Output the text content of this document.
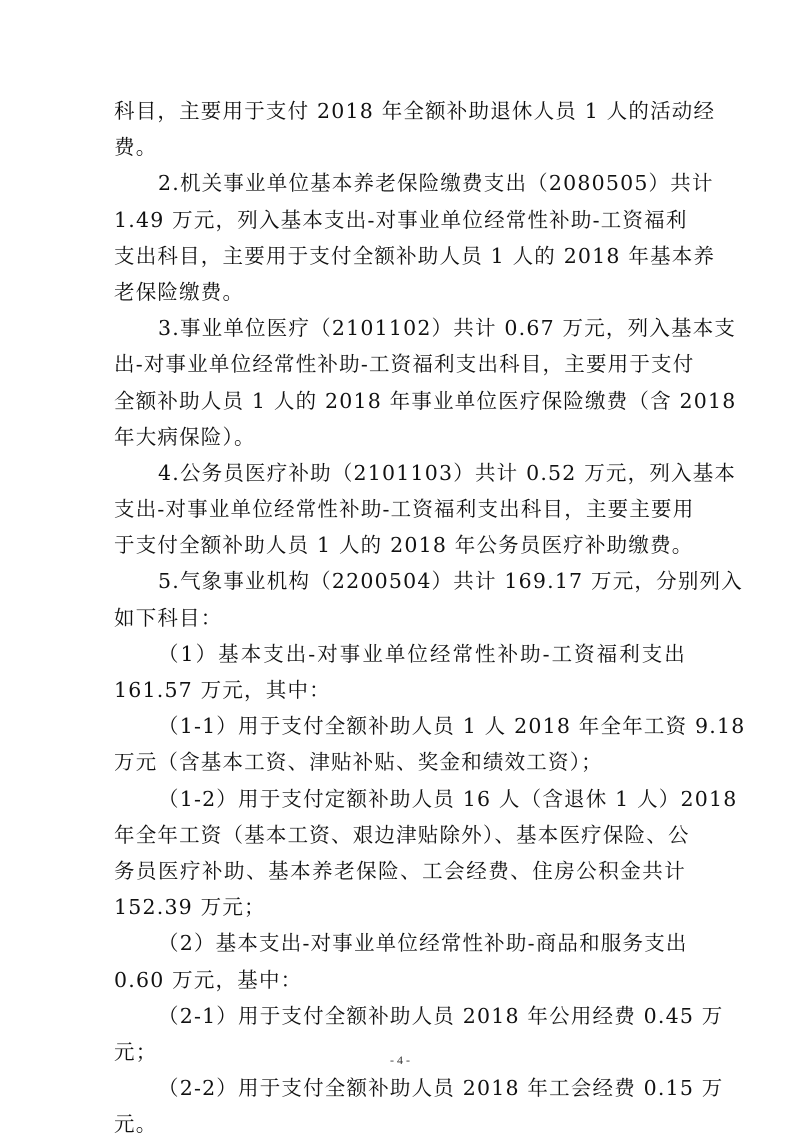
科目，主要用于支付 2018 年全额补助退休人员 1 人的活动经
费。
2.机关事业单位基本养老保险缴费支出（2080505）共计
1.49 万元，列入基本支出-对事业单位经常性补助-工资福利
支出科目，主要用于支付全额补助人员 1 人的 2018 年基本养
老保险缴费。
3.事业单位医疗（2101102）共计 0.67 万元，列入基本支
出-对事业单位经常性补助-工资福利支出科目，主要用于支付
全额补助人员 1 人的 2018 年事业单位医疗保险缴费（含 2018
年大病保险）。
4.公务员医疗补助（2101103）共计 0.52 万元，列入基本
支出-对事业单位经常性补助-工资福利支出科目，主要主要用
于支付全额补助人员 1 人的 2018 年公务员医疗补助缴费。
5.气象事业机构（2200504）共计 169.17 万元，分别列入
如下科目：
（1）基本支出-对事业单位经常性补助-工资福利支出
161.57 万元，其中：
（1-1）用于支付全额补助人员 1 人 2018 年全年工资 9.18
万元（含基本工资、津贴补贴、奖金和绩效工资）；
（1-2）用于支付定额补助人员 16 人（含退休 1 人）2018
年全年工资（基本工资、艰边津贴除外）、基本医疗保险、公
务员医疗补助、基本养老保险、工会经费、住房公积金共计
152.39 万元；
（2）基本支出-对事业单位经常性补助-商品和服务支出
0.60 万元，基中：
（2-1）用于支付全额补助人员 2018 年公用经费 0.45 万
元；
（2-2）用于支付全额补助人员 2018 年工会经费 0.15 万
元。
- 4 -
